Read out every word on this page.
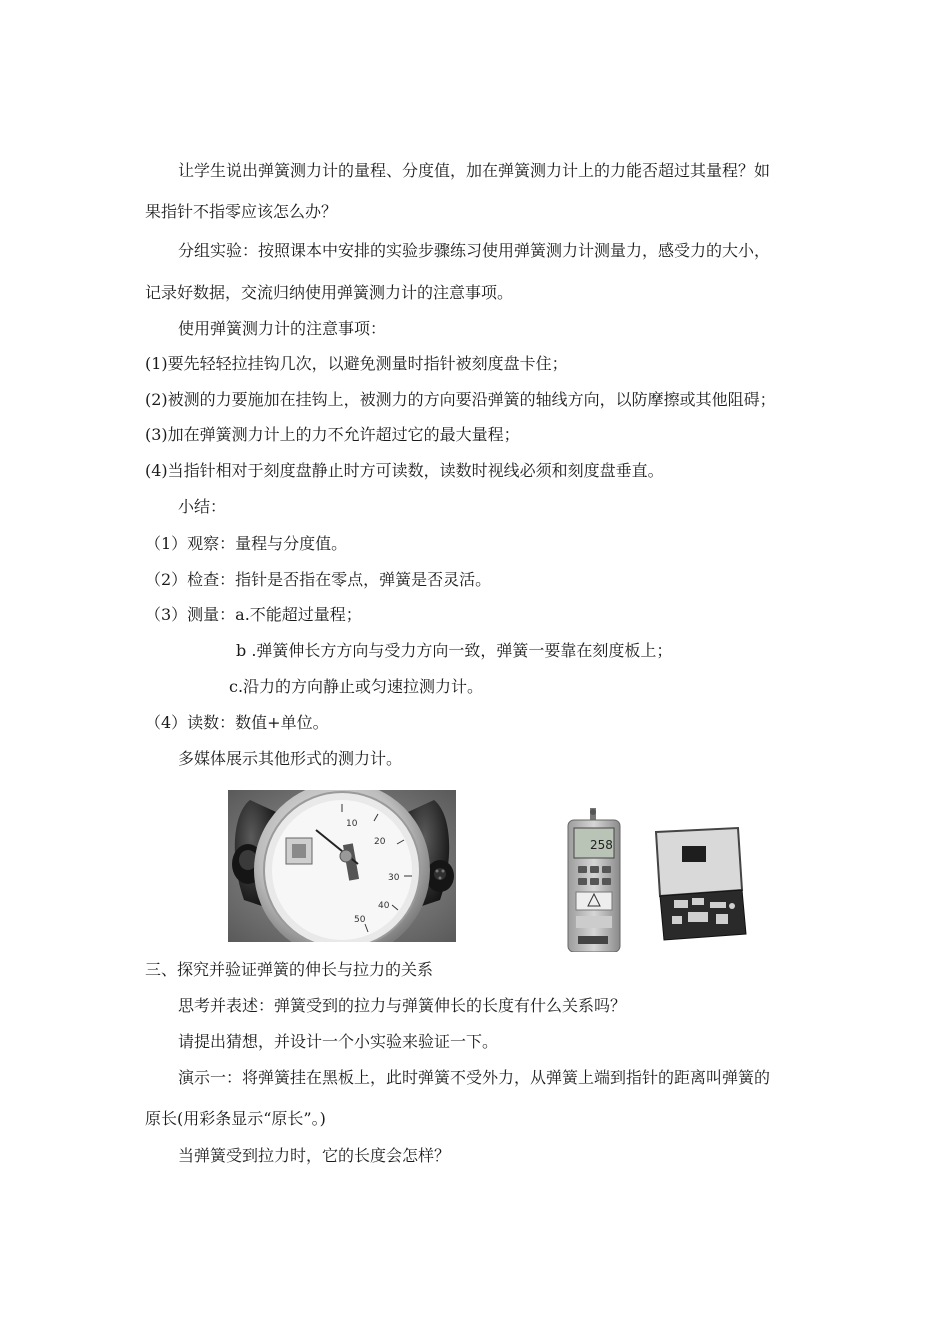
让学生说出弹簧测力计的量程、分度值，加在弹簧测力计上的力能否超过其量程？如
果指针不指零应该怎么办？
分组实验：按照课本中安排的实验步骤练习使用弹簧测力计测量力，感受力的大小，
记录好数据，交流归纳使用弹簧测力计的注意事项。
使用弹簧测力计的注意事项：
(1)要先轻轻拉挂钩几次，以避免测量时指针被刻度盘卡住；
(2)被测的力要施加在挂钩上，被测力的方向要沿弹簧的轴线方向，以防摩擦或其他阻碍；
(3)加在弹簧测力计上的力不允许超过它的最大量程；
(4)当指针相对于刻度盘静止时方可读数，读数时视线必须和刻度盘垂直。
小结：
（1）观察：量程与分度值。
（2）检查：指针是否指在零点，弹簧是否灵活。
（3）测量：a.不能超过量程；
b .弹簧伸长方方向与受力方向一致，弹簧一要靠在刻度板上；
c.沿力的方向静止或匀速拉测力计。
（4）读数：数值+单位。
多媒体展示其他形式的测力计。
10
20
30
40
50
258
三、探究并验证弹簧的伸长与拉力的关系
思考并表述：弹簧受到的拉力与弹簧伸长的长度有什么关系吗？
请提出猜想，并设计一个小实验来验证一下。
演示一：将弹簧挂在黑板上，此时弹簧不受外力，从弹簧上端到指针的距离叫弹簧的
原长(用彩条显示“原长”。)
当弹簧受到拉力时，它的长度会怎样？
